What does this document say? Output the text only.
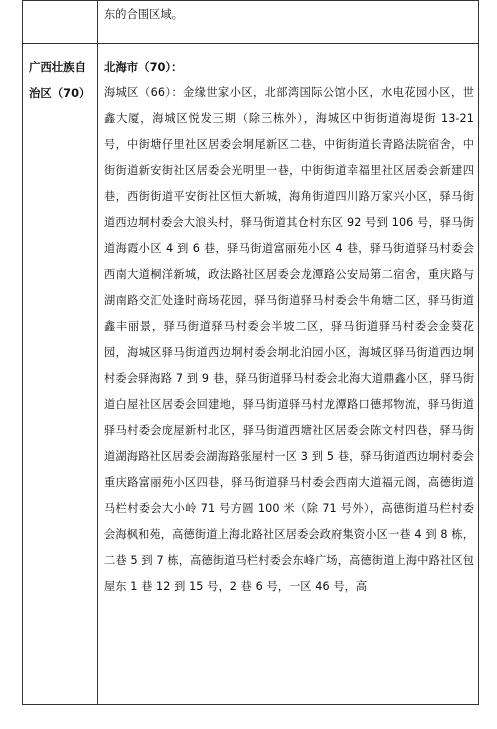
	东的合围区域。

广西壮族自治区（70）	北海市（70）：
海城区（66）：金缘世家小区，北部湾国际公馆小区，水电花园小区，世鑫大厦，海城区悦发三期（除三栋外），海城区中街街道海堤街 13-21 号，中街塘仔里社区居委会垌尾新区二巷，中街街道长青路法院宿舍，中街街道新安街社区居委会光明里一巷，中街街道幸福里社区居委会新建四巷，西街街道平安街社区恒大新城，海角街道四川路万家兴小区，驿马街道西边垌村委会大浪头村，驿马街道其仓村东区 92 号到 106 号，驿马街道海霞小区 4 到 6 巷，驿马街道富丽苑小区 4 巷，驿马街道驿马村委会西南大道桐洋新城，政法路社区居委会龙潭路公安局第二宿舍，重庆路与湖南路交汇处逢时商场花园，驿马街道驿马村委会牛角塘二区，驿马街道鑫丰丽景，驿马街道驿马村委会半坡二区，驿马街道驿马村委会金葵花园，海城区驿马街道西边垌村委会垌北泊园小区，海城区驿马街道西边垌村委会驿海路 7 到 9 巷，驿马街道驿马村委会北海大道鼎鑫小区，驿马街道白屋社区居委会回建地，驿马街道驿马村龙潭路口德邦物流，驿马街道驿马村委会庞屋新村北区，驿马街道西塘社区居委会陈文村四巷，驿马街道湖海路社区居委会湖海路张屋村一区 3 到 5 巷，驿马街道西边垌村委会重庆路富丽苑小区四巷，驿马街道驿马村委会西南大道福元阁，高德街道马栏村委会大小岭 71 号方圆 100 米（除 71 号外），高德街道马栏村委会海枫和苑，高德街道上海北路社区居委会政府集资小区一巷 4 到 8 栋，二巷 5 到 7 栋，高德街道马栏村委会东峰广场，高德街道上海中路社区包屋东 1 巷 12 到 15 号，2 巷 6 号，一区 46 号，高
